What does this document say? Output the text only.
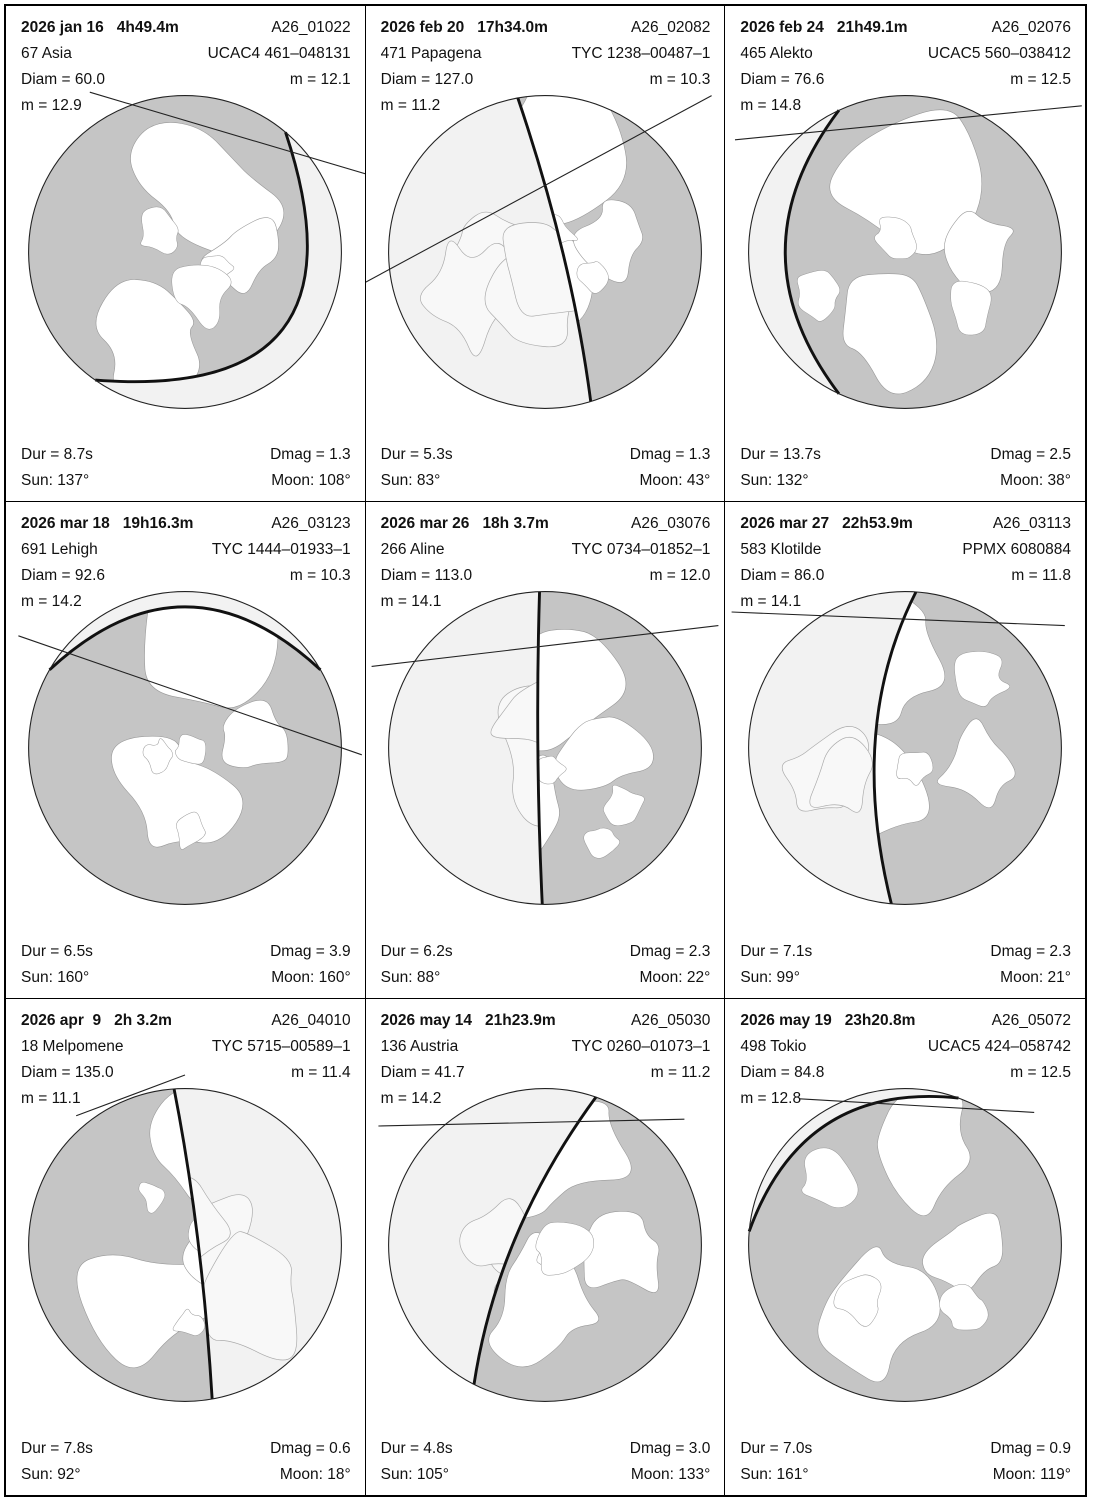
2026 jan 16 4h49.4m	A26_01022
67 Asia	UCAC4 461–048131
Diam = 60.0	m = 12.1
m = 12.9
Dur = 8.7s	Dmag = 1.3
Sun: 137°	Moon: 108°
2026 feb 20 17h34.0m	A26_02082
471 Papagena	TYC 1238–00487–1
Diam = 127.0	m = 10.3
m = 11.2
Dur = 5.3s	Dmag = 1.3
Sun: 83°	Moon: 43°
2026 feb 24 21h49.1m	A26_02076
465 Alekto	UCAC5 560–038412
Diam = 76.6	m = 12.5
m = 14.8
Dur = 13.7s	Dmag = 2.5
Sun: 132°	Moon: 38°
2026 mar 18 19h16.3m	A26_03123
691 Lehigh	TYC 1444–01933–1
Diam = 92.6	m = 10.3
m = 14.2
Dur = 6.5s	Dmag = 3.9
Sun: 160°	Moon: 160°
2026 mar 26 18h 3.7m	A26_03076
266 Aline	TYC 0734–01852–1
Diam = 113.0	m = 12.0
m = 14.1
Dur = 6.2s	Dmag = 2.3
Sun: 88°	Moon: 22°
2026 mar 27 22h53.9m	A26_03113
583 Klotilde	PPMX 6080884
Diam = 86.0	m = 11.8
m = 14.1
Dur = 7.1s	Dmag = 2.3
Sun: 99°	Moon: 21°
2026 apr  9 2h 3.2m	A26_04010
18 Melpomene	TYC 5715–00589–1
Diam = 135.0	m = 11.4
m = 11.1
Dur = 7.8s	Dmag = 0.6
Sun: 92°	Moon: 18°
2026 may 14 21h23.9m	A26_05030
136 Austria	TYC 0260–01073–1
Diam = 41.7	m = 11.2
m = 14.2
Dur = 4.8s	Dmag = 3.0
Sun: 105°	Moon: 133°
2026 may 19 23h20.8m	A26_05072
498 Tokio	UCAC5 424–058742
Diam = 84.8	m = 12.5
m = 12.8
Dur = 7.0s	Dmag = 0.9
Sun: 161°	Moon: 119°
